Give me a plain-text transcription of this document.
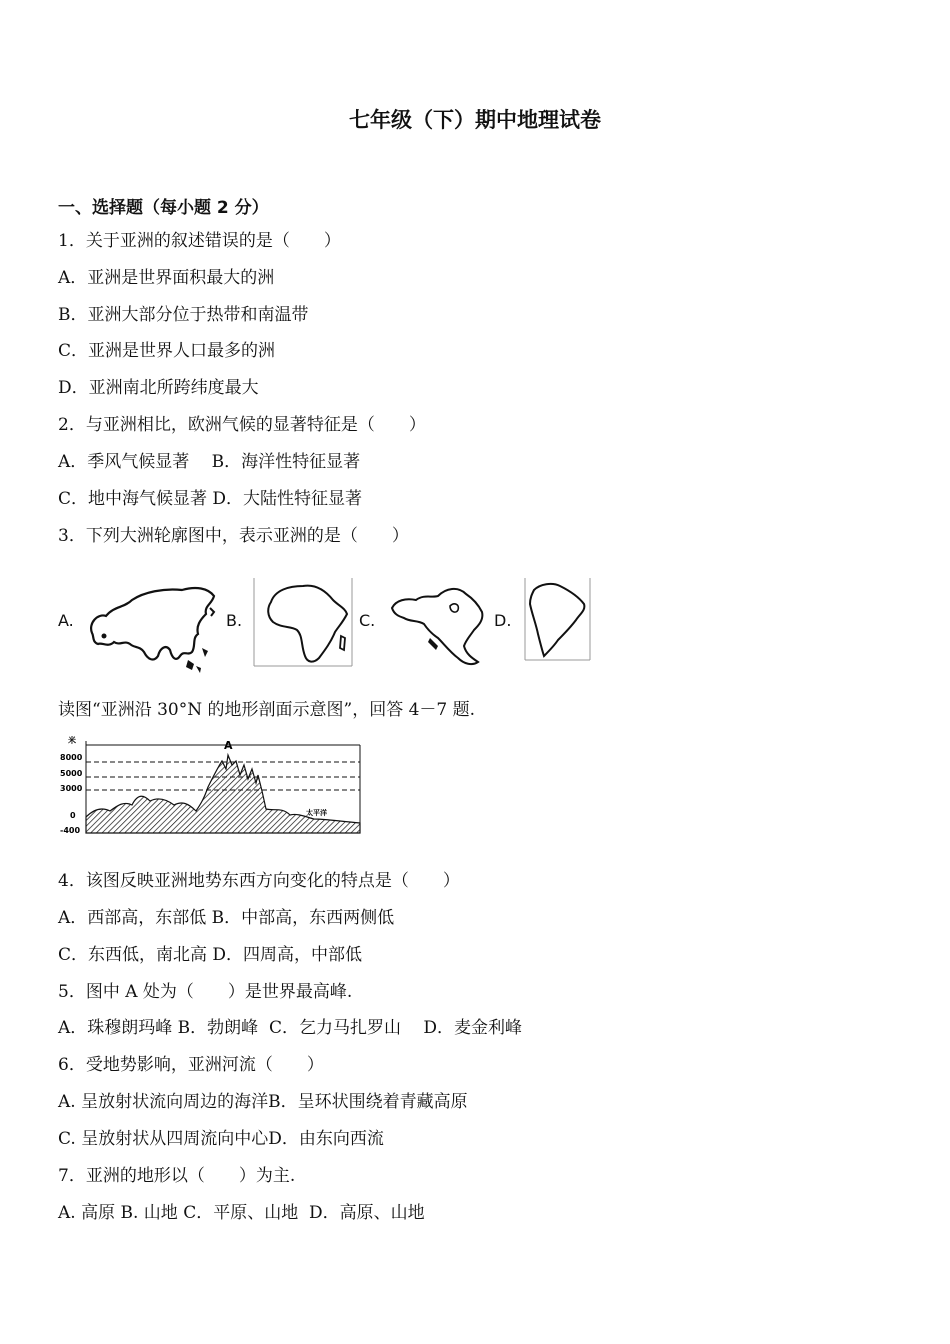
七年级（下）期中地理试卷
一、选择题（每小题 2 分）
1．关于亚洲的叙述错误的是（　　）
A．亚洲是世界面积最大的洲
B．亚洲大部分位于热带和南温带
C．亚洲是世界人口最多的洲
D．亚洲南北所跨纬度最大
2．与亚洲相比，欧洲气候的显著特征是（　　）
A．季风气候显著　 B．海洋性特征显著
C．地中海气候显著 D．大陆性特征显著
3．下列大洲轮廓图中，表示亚洲的是（　　）
A.	B.	C.	D.
读图“亚洲沿 30°N 的地形剖面示意图”，回答 4－7 题.
米
8000
5000
3000
0
-400
A
太平洋
4．该图反映亚洲地势东西方向变化的特点是（　　）
A．西部高，东部低 B．中部高，东西两侧低
C．东西低，南北高 D．四周高，中部低
5．图中 A 处为（　　）是世界最高峰.
A．珠穆朗玛峰 B．勃朗峰  C．乞力马扎罗山　 D．麦金利峰
6．受地势影响，亚洲河流（　　）
A. 呈放射状流向周边的海洋B．呈环状围绕着青藏高原
C. 呈放射状从四周流向中心D．由东向西流
7．亚洲的地形以（　　）为主.
A. 高原 B. 山地 C．平原、山地  D．高原、山地
